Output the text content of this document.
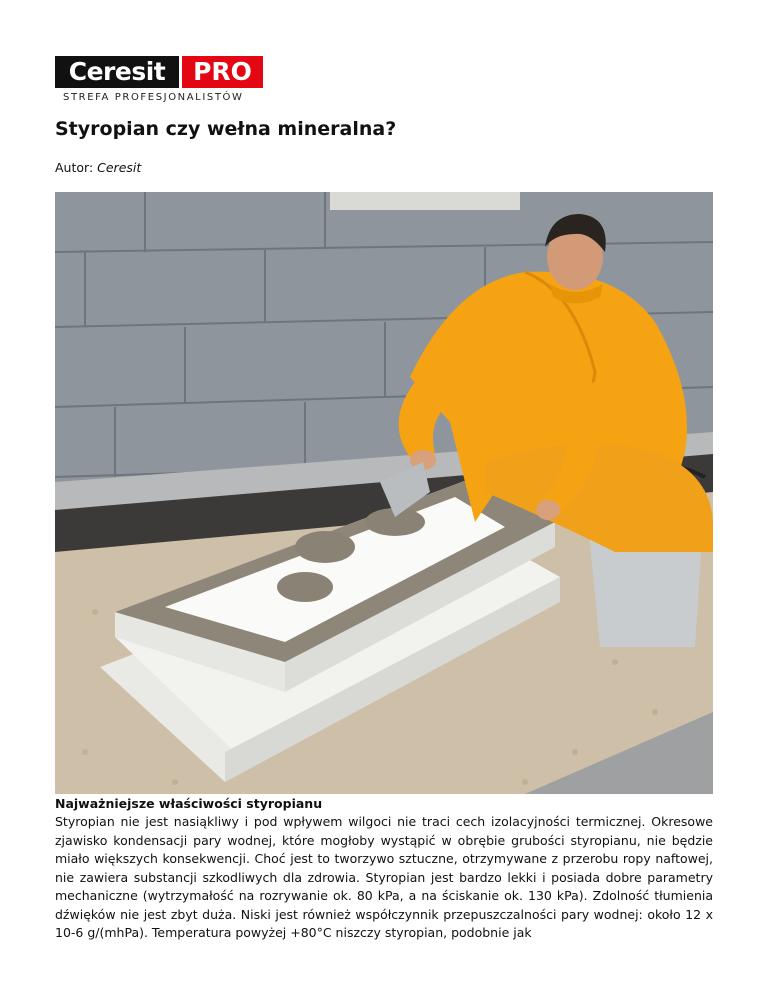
Ceresit	PRO
STREFA PROFESJONALISTÓW
Styropian czy wełna mineralna?
Autor: Ceresit
Najważniejsze właściwości styropianu

Styropian nie jest nasiąkliwy i pod wpływem wilgoci nie traci cech izolacyjności termicznej. Okresowe zjawisko kondensacji pary wodnej, które mogłoby wystąpić w obrębie grubości styropianu, nie będzie miało większych konsekwencji. Choć jest to tworzywo sztuczne, otrzymywane z przerobu ropy naftowej, nie zawiera substancji szkodliwych dla zdrowia. Styropian jest bardzo lekki i posiada dobre parametry mechaniczne (wytrzymałość na rozrywanie ok. 80 kPa, a na ściskanie ok. 130 kPa). Zdolność tłumienia dźwięków nie jest zbyt duża. Niski jest również współczynnik przepuszczalności pary wodnej: około 12 x 10-6 g/(mhPa). Temperatura powyżej +80°C niszczy styropian, podobnie jak
